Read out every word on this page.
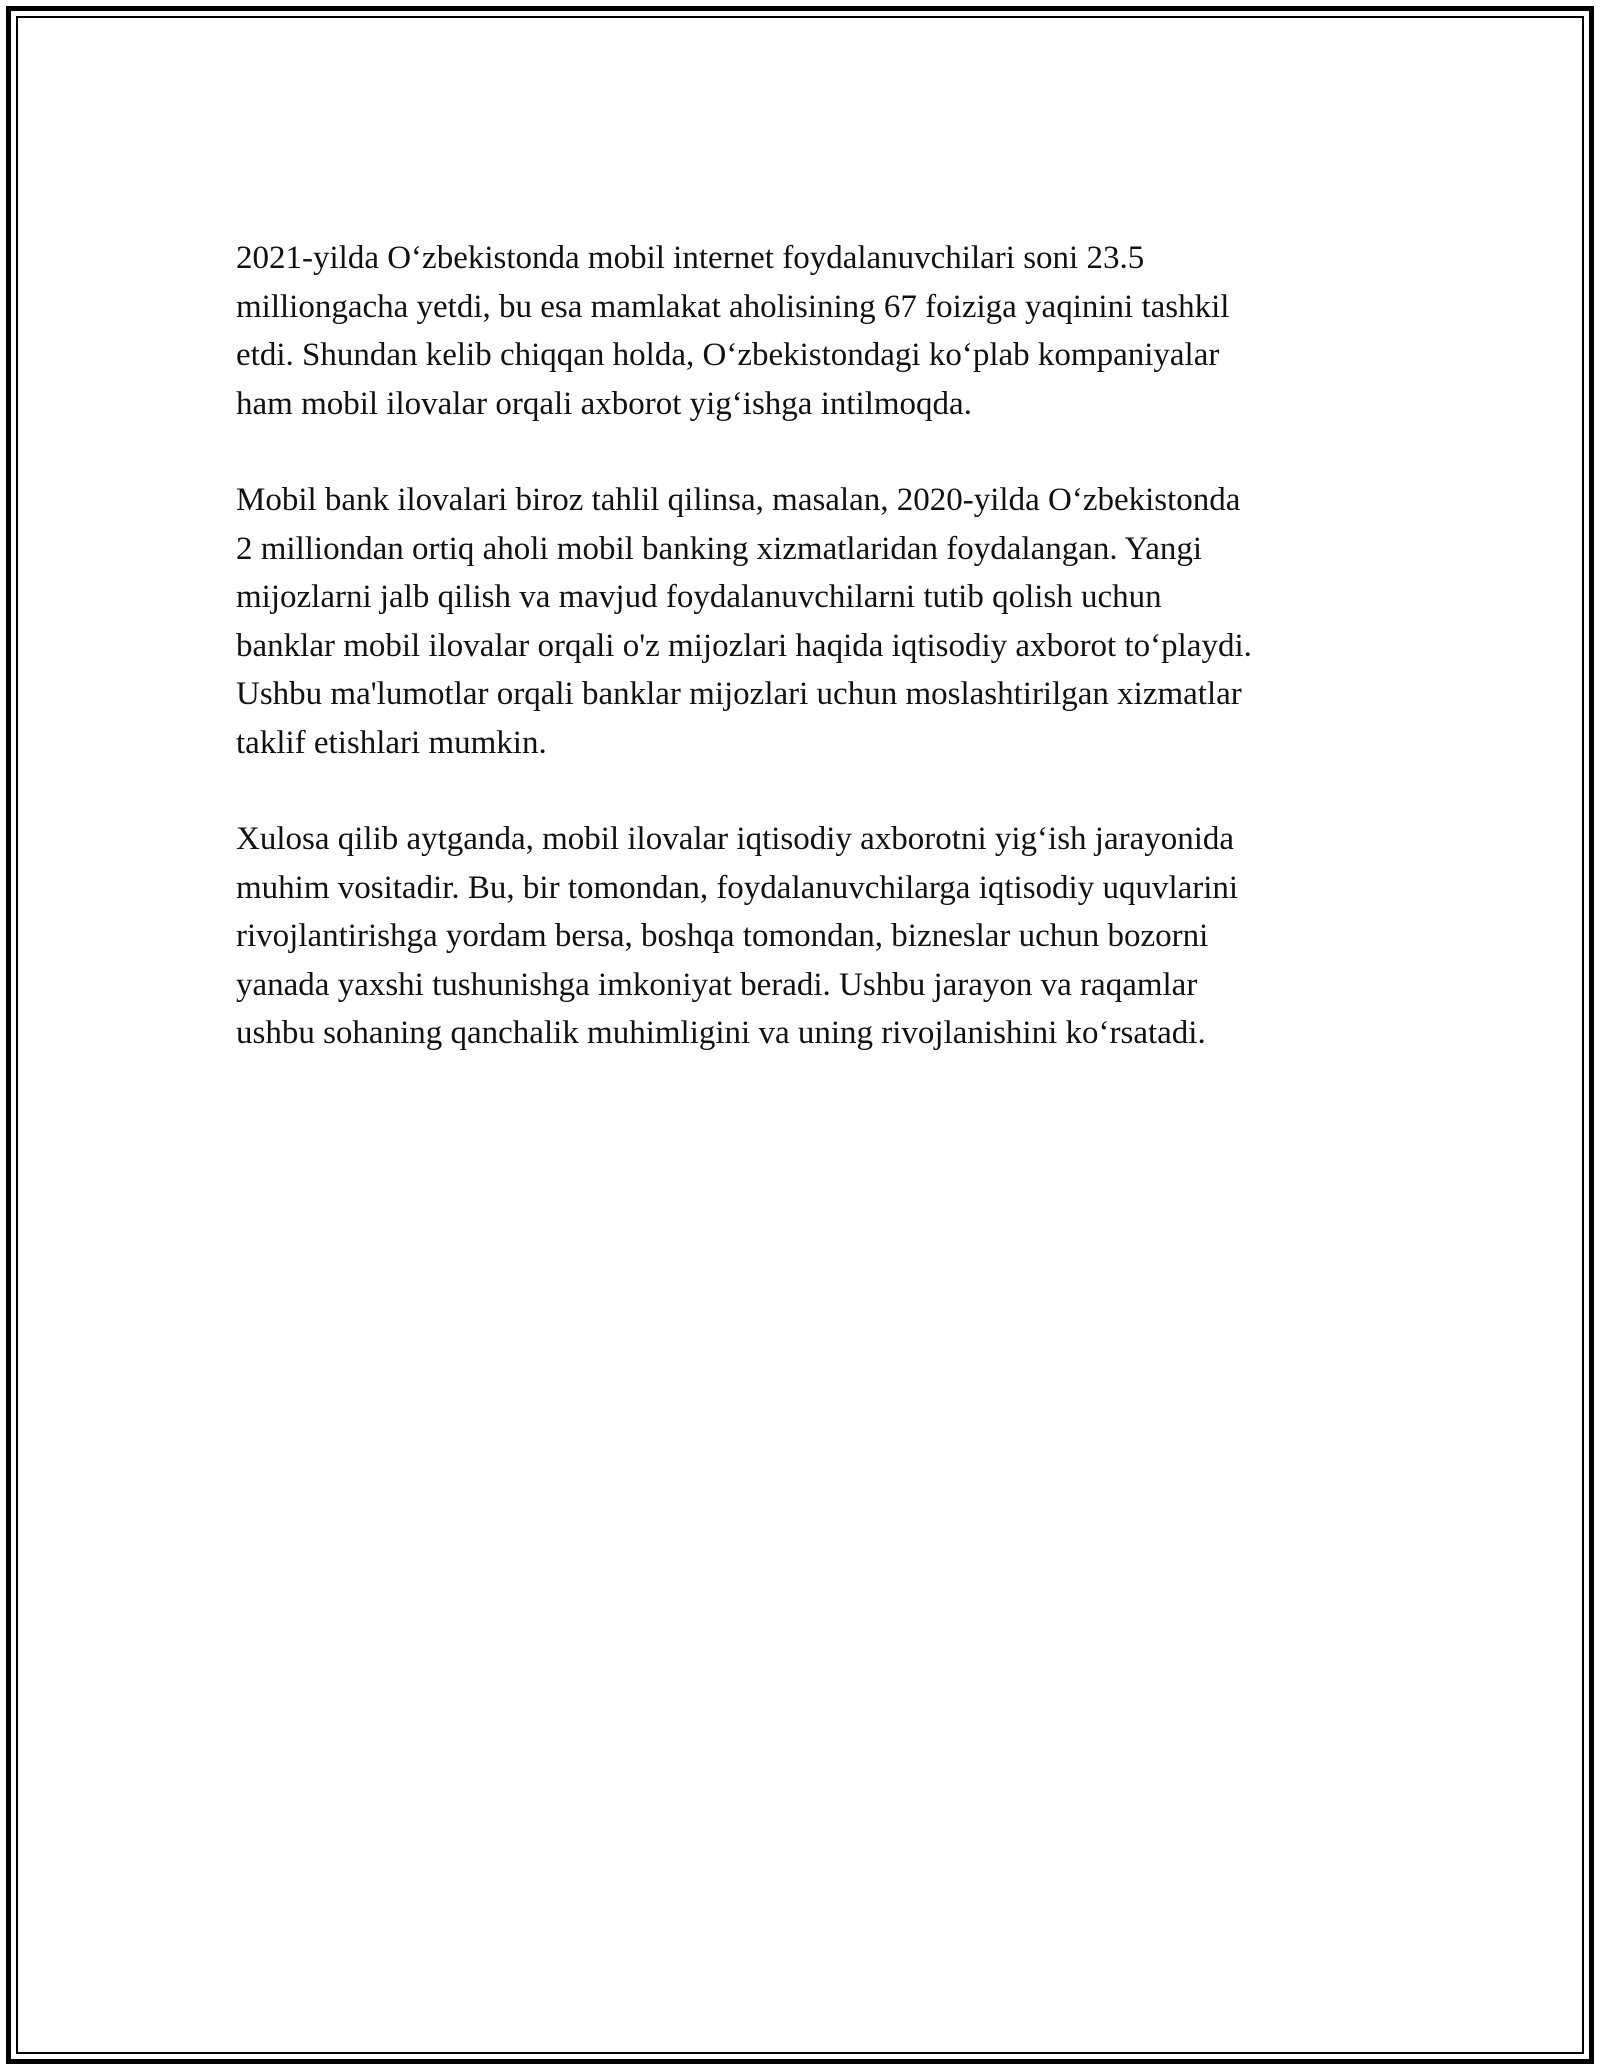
2021-yilda O‘zbekistonda mobil internet foydalanuvchilari soni 23.5
milliongacha yetdi, bu esa mamlakat aholisining 67 foiziga yaqinini tashkil
etdi. Shundan kelib chiqqan holda, O‘zbekistondagi ko‘plab kompaniyalar
ham mobil ilovalar orqali axborot yig‘ishga intilmoqda.

Mobil bank ilovalari biroz tahlil qilinsa, masalan, 2020-yilda O‘zbekistonda
2 milliondan ortiq aholi mobil banking xizmatlaridan foydalangan. Yangi
mijozlarni jalb qilish va mavjud foydalanuvchilarni tutib qolish uchun
banklar mobil ilovalar orqali o'z mijozlari haqida iqtisodiy axborot to‘playdi.
Ushbu ma'lumotlar orqali banklar mijozlari uchun moslashtirilgan xizmatlar
taklif etishlari mumkin.

Xulosa qilib aytganda, mobil ilovalar iqtisodiy axborotni yig‘ish jarayonida
muhim vositadir. Bu, bir tomondan, foydalanuvchilarga iqtisodiy uquvlarini
rivojlantirishga yordam bersa, boshqa tomondan, bizneslar uchun bozorni
yanada yaxshi tushunishga imkoniyat beradi. Ushbu jarayon va raqamlar
ushbu sohaning qanchalik muhimligini va uning rivojlanishini ko‘rsatadi.
